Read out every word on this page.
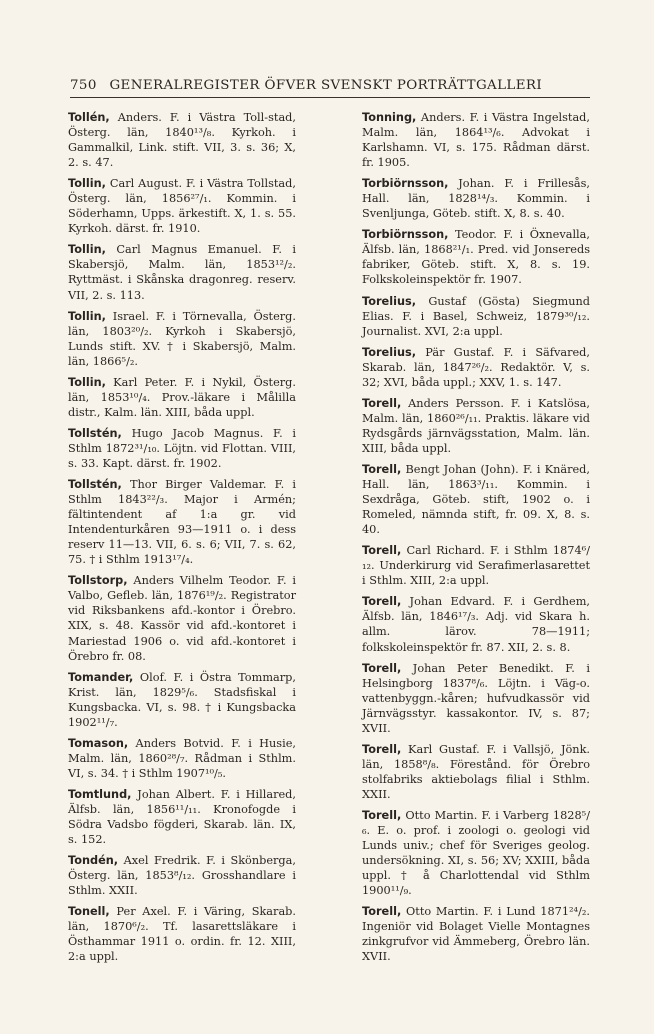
750 GENERALREGISTER ÖFVER SVENSKT PORTRÄTTGALLERI

Tollén, Anders. F. i Västra Toll-stad, Österg. län, 1840¹³/₈. Kyrkoh. i Gammalkil, Link. stift. VII, 3. s. 36; X, 2. s. 47.

Tollin, Carl August. F. i Västra Tollstad, Österg. län, 1856²⁷/₁. Kommin. i Söderhamn, Upps. ärkestift. X, 1. s. 55. Kyrkoh. därst. fr. 1910.

Tollin, Carl Magnus Emanuel. F. i Skabersjö, Malm. län, 1853¹²/₂. Ryttmäst. i Skånska dragonreg. reserv. VII, 2. s. 113.

Tollin, Israel. F. i Törnevalla, Österg. län, 1803²⁰/₂. Kyrkoh i Skabersjö, Lunds stift. XV. † i Skabersjö, Malm. län, 1866⁵/₂.

Tollin, Karl Peter. F. i Nykil, Österg. län, 1853¹⁰/₄. Prov.-läkare i Målilla distr., Kalm. län. XIII, båda uppl.

Tollstén, Hugo Jacob Magnus. F. i Sthlm 1872³¹/₁₀. Löjtn. vid Flottan. VIII, s. 33. Kapt. därst. fr. 1902.

Tollstén, Thor Birger Valdemar. F. i Sthlm 1843²²/₃. Major i Armén; fältintendent af 1:a gr. vid Intendenturkåren 93—1911 o. i dess reserv 11—13. VII, 6. s. 6; VII, 7. s. 62, 75. † i Sthlm 1913¹⁷/₄.

Tollstorp, Anders Vilhelm Teodor. F. i Valbo, Gefleb. län, 1876¹⁹/₂. Registrator vid Riksbankens afd.-kontor i Örebro. XIX, s. 48. Kassör vid afd.-kontoret i Mariestad 1906 o. vid afd.-kontoret i Örebro fr. 08.

Tomander, Olof. F. i Östra Tommarp, Krist. län, 1829⁵/₆. Stadsfiskal i Kungsbacka. VI, s. 98. † i Kungsbacka 1902¹¹/₇.

Tomason, Anders Botvid. F. i Husie, Malm. län, 1860²⁸/₇. Rådman i Sthlm. VI, s. 34. † i Sthlm 1907¹⁰/₅.

Tomtlund, Johan Albert. F. i Hillared, Älfsb. län, 1856¹¹/₁₁. Kronofogde i Södra Vadsbo fögderi, Skarab. län. IX, s. 152.

Tondén, Axel Fredrik. F. i Skönberga, Österg. län, 1853⁸/₁₂. Grosshandlare i Sthlm. XXII.

Tonell, Per Axel. F. i Väring, Skarab. län, 1870⁶/₂. Tf. lasarettsläkare i Östhammar 1911 o. ordin. fr. 12. XIII, 2:a uppl.

Tonning, Anders. F. i Västra Ingelstad, Malm. län, 1864¹³/₆. Advokat i Karlshamn. VI, s. 175. Rådman därst. fr. 1905.

Torbiörnsson, Johan. F. i Frillesås, Hall. län, 1828¹⁴/₃. Kommin. i Svenljunga, Göteb. stift. X, 8. s. 40.

Torbiörnsson, Teodor. F. i Öxnevalla, Älfsb. län, 1868²¹/₁. Pred. vid Jonsereds fabriker, Göteb. stift. X, 8. s. 19. Folkskoleinspektör fr. 1907.

Torelius, Gustaf (Gösta) Siegmund Elias. F. i Basel, Schweiz, 1879³⁰/₁₂. Journalist. XVI, 2:a uppl.

Torelius, Pär Gustaf. F. i Säfvared, Skarab. län, 1847²⁶/₂. Redaktör. V, s. 32; XVI, båda uppl.; XXV, 1. s. 147.

Torell, Anders Persson. F. i Katslösa, Malm. län, 1860²⁶/₁₁. Praktis. läkare vid Rydsgårds järnvägsstation, Malm. län. XIII, båda uppl.

Torell, Bengt Johan (John). F. i Knäred, Hall. län, 1863³/₁₁. Kommin. i Sexdråga, Göteb. stift, 1902 o. i Romeled, nämnda stift, fr. 09. X, 8. s. 40.

Torell, Carl Richard. F. i Sthlm 1874⁶/₁₂. Underkirurg vid Serafimerlasarettet i Sthlm. XIII, 2:a uppl.

Torell, Johan Edvard. F. i Gerdhem, Älfsb. län, 1846¹⁷/₃. Adj. vid Skara h. allm. lärov. 78—1911; folkskoleinspektör fr. 87. XII, 2. s. 8.

Torell, Johan Peter Benedikt. F. i Helsingborg 1837⁸/₆. Löjtn. i Väg-o. vattenbyggn.-kåren; hufvudkassör vid Järnvägsstyr. kassakontor. IV, s. 87; XVII.

Torell, Karl Gustaf. F. i Vallsjö, Jönk. län, 1858⁸/₈. Förestånd. för Örebro stolfabriks aktiebolags filial i Sthlm. XXII.

Torell, Otto Martin. F. i Varberg 1828⁵/₆. E. o. prof. i zoologi o. geologi vid Lunds univ.; chef för Sveriges geolog. undersökning. XI, s. 56; XV; XXIII, båda uppl. † å Charlottendal vid Sthlm 1900¹¹/₉.

Torell, Otto Martin. F. i Lund 1871²⁴/₂. Ingeniör vid Bolaget Vielle Montagnes zinkgrufvor vid Ämmeberg, Örebro län. XVII.
